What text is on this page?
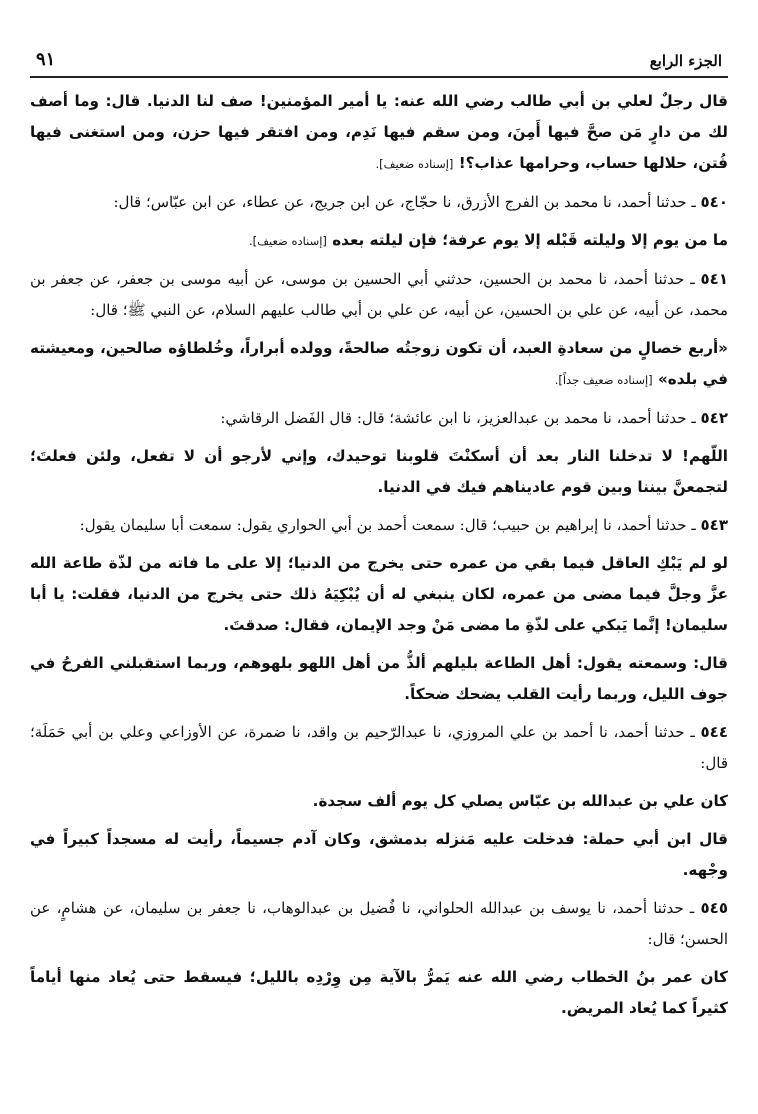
الجزء الرابع
٩١

قال رجلٌ لعلي بن أبي طالب رضي الله عنه: يا أمير المؤمنين! صف لنا الدنيا. قال: وما أصف لك من دارٍ مَن صحَّ فيها أَمِنَ، ومن سقم فيها نَدِم، ومن افتقر فيها حزن، ومن استغنى فيها فُتن، حلالها حساب، وحرامها عذاب؟! [إسناده ضعيف].

٥٤٠ ـ حدثنا أحمد، نا محمد بن الفرج الأزرق، نا حجّاج، عن ابن جريج، عن عطاء، عن ابن عبّاس؛ قال:

ما من يوم إلا وليلته قَبْله إلا يوم عرفة؛ فإن ليلته بعده [إسناده ضعيف].

٥٤١ ـ حدثنا أحمد، نا محمد بن الحسين، حدثني أبي الحسين بن موسى، عن أبيه موسى بن جعفر، عن جعفر بن محمد، عن أبيه، عن علي بن الحسين، عن أبيه، عن علي بن أبي طالب عليهم السلام، عن النبي ﷺ؛ قال:

«أربع خصالٍ من سعادةِ العبد، أن تكون زوجتُه صالحةً، وولده أبراراً، وخُلطاؤه صالحين، ومعيشته في بلده» [إسناده ضعيف جداً].

٥٤٢ ـ حدثنا أحمد، نا محمد بن عبدالعزيز، نا ابن عائشة؛ قال: قال الفَضل الرقاشي:

اللّهم! لا تدخلنا النار بعد أن أسكنْتَ قلوبنا توحيدك، وإني لأرجو أن لا تفعل، ولئن فعلتَ؛ لتجمعنَّ بيننا وبين قوم عاديناهم فيك في الدنيا.

٥٤٣ ـ حدثنا أحمد، نا إبراهيم بن حبيب؛ قال: سمعت أحمد بن أبي الحواري يقول: سمعت أبا سليمان يقول:

لو لم يَبْكِ العاقل فيما بقي من عمره حتى يخرج من الدنيا؛ إلا على ما فاته من لذّة طاعة الله عزَّ وجلَّ فيما مضى من عمره، لكان ينبغي له أن يُبْكِيَهُ ذلك حتى يخرج من الدنيا، فقلت: يا أبا سليمان! إنَّما يَبكي على لذّةِ ما مضى مَنْ وجد الإيمان، فقال: صدقتَ.

قال: وسمعته يقول: أهل الطاعة بليلهم ألذُّ من أهل اللهو بلهوهم، وربما استقبلني الفرحُ في جوف الليل، وربما رأيت القلب يضحك ضحكاً.

٥٤٤ ـ حدثنا أحمد، نا أحمد بن علي المروزي، نا عبدالرّحيم بن واقد، نا ضمرة، عن الأوزاعي وعلي بن أبي حَمَلَة؛ قال:

كان علي بن عبدالله بن عبّاس يصلي كل يوم ألف سجدة.

قال ابن أبي حملة: فدخلت عليه مَنزله بدمشق، وكان آدم جسيماً، رأيت له مسجداً كبيراً في وجْهه.

٥٤٥ ـ حدثنا أحمد، نا يوسف بن عبدالله الحلواني، نا فُضيل بن عبدالوهاب، نا جعفر بن سليمان، عن هشامٍ، عن الحسن؛ قال:

كان عمر بنُ الخطاب رضي الله عنه يَمرُّ بالآية مِن وِرْدِه بالليل؛ فيسقط حتى يُعاد منها أياماً كثيراً كما يُعاد المريض.
